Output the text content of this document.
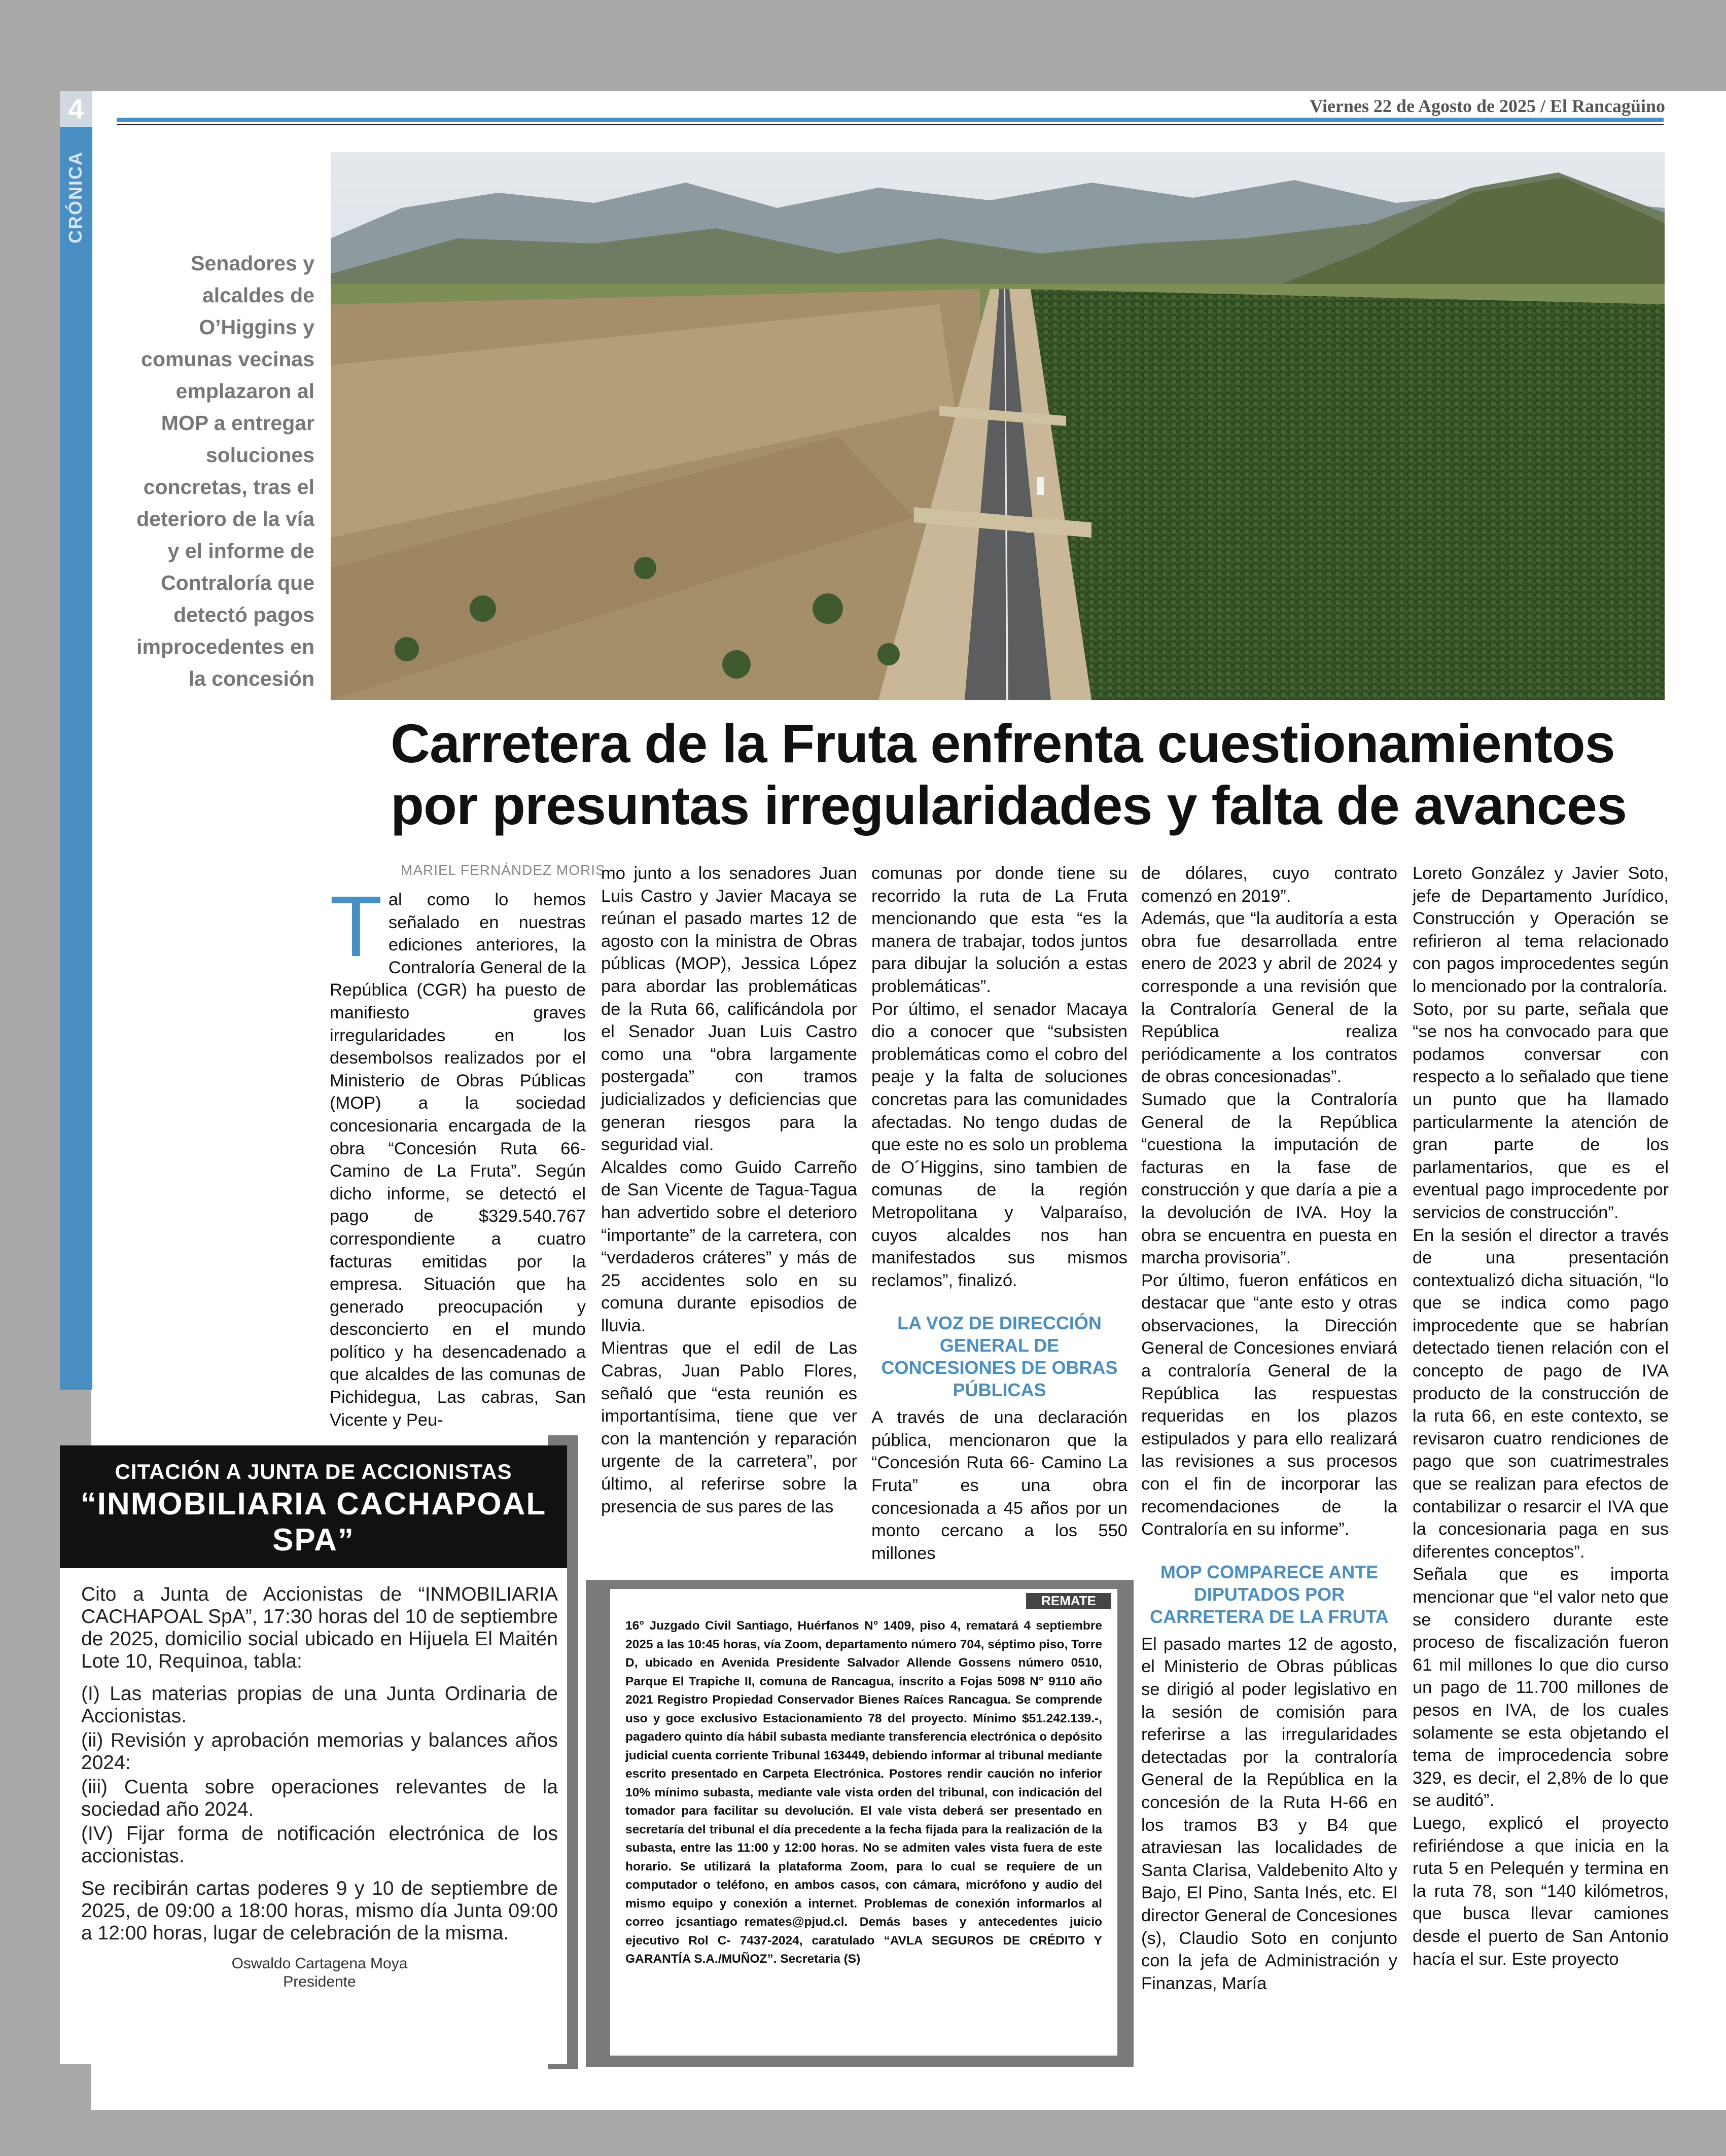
4
CRÓNICA
Viernes 22 de Agosto de 2025 / El Rancagüino
Senadores y alcaldes de O’Higgins y comunas vecinas emplazaron al MOP a entregar soluciones concretas, tras el deterioro de la vía y el informe de Contraloría que detectó pagos improcedentes en la concesión
Carretera de la Fruta enfrenta cuestionamientos por presuntas irregularidades y falta de avances
MARIEL FERNÁNDEZ MORIS
T al como lo hemos señalado en nuestras ediciones anteriores, la Contraloría General de la República (CGR) ha puesto de manifiesto graves irregularidades en los desembolsos realizados por el Ministerio de Obras Públicas (MOP) a la sociedad concesionaria encargada de la obra “Concesión Ruta 66-Camino de La Fruta”. Según dicho informe, se detectó el pago de $329.540.767 correspondiente a cuatro facturas emitidas por la empresa. Situación que ha generado preocupación y desconcierto en el mundo político y ha desencadenado a que alcaldes de las comunas de Pichidegua, Las cabras, San Vicente y Peu-

mo junto a los senadores Juan Luis Castro y Javier Macaya se reúnan el pasado martes 12 de agosto con la ministra de Obras públicas (MOP), Jessica López para abordar las problemáticas de la Ruta 66, calificándola por el Senador Juan Luis Castro como una “obra largamente postergada” con tramos judicializados y deficiencias que generan riesgos para la seguridad vial.

Alcaldes como Guido Carreño de San Vicente de Tagua-Tagua han advertido sobre el deterioro “importante” de la carretera, con “verdaderos cráteres” y más de 25 accidentes solo en su comuna durante episodios de lluvia.

Mientras que el edil de Las Cabras, Juan Pablo Flores, señaló que “esta reunión es importantísima, tiene que ver con la mantención y reparación urgente de la carretera”, por último, al referirse sobre la presencia de sus pares de las

comunas por donde tiene su recorrido la ruta de La Fruta mencionando que esta “es la manera de trabajar, todos juntos para dibujar la solución a estas problemáticas”.

Por último, el senador Macaya dio a conocer que “subsisten problemáticas como el cobro del peaje y la falta de soluciones concretas para las comunidades afectadas. No tengo dudas de que este no es solo un problema de O´Higgins, sino tambien de comunas de la región Metropolitana y Valparaíso, cuyos alcaldes nos han manifestados sus mismos reclamos”, finalizó.

LA VOZ DE DIRECCIÓN GENERAL DE CONCESIONES DE OBRAS PÚBLICAS

A través de una declaración pública, mencionaron que la “Concesión Ruta 66- Camino La Fruta” es una obra concesionada a 45 años por un monto cercano a los 550 millones

de dólares, cuyo contrato comenzó en 2019”.

Además, que “la auditoría a esta obra fue desarrollada entre enero de 2023 y abril de 2024 y corresponde a una revisión que la Contraloría General de la República realiza periódicamente a los contratos de obras concesionadas”.

Sumado que la Contraloría General de la República “cuestiona la imputación de facturas en la fase de construcción y que daría a pie a la devolución de IVA. Hoy la obra se encuentra en puesta en marcha provisoria”.

Por último, fueron enfáticos en destacar que “ante esto y otras observaciones, la Dirección General de Concesiones enviará a contraloría General de la República las respuestas requeridas en los plazos estipulados y para ello realizará las revisiones a sus procesos con el fin de incorporar las recomendaciones de la Contraloría en su informe”.

MOP COMPARECE ANTE DIPUTADOS POR CARRETERA DE LA FRUTA

El pasado martes 12 de agosto, el Ministerio de Obras públicas se dirigió al poder legislativo en la sesión de comisión para referirse a las irregularidades detectadas por la contraloría General de la República en la concesión de la Ruta H-66 en los tramos B3 y B4 que atraviesan las localidades de Santa Clarisa, Valdebenito Alto y Bajo, El Pino, Santa Inés, etc. El director General de Concesiones (s), Claudio Soto en conjunto con la jefa de Administración y Finanzas, María

Loreto González y Javier Soto, jefe de Departamento Jurídico, Construcción y Operación se refirieron al tema relacionado con pagos improcedentes según lo mencionado por la contraloría.

Soto, por su parte, señala que “se nos ha convocado para que podamos conversar con respecto a lo señalado que tiene un punto que ha llamado particularmente la atención de gran parte de los parlamentarios, que es el eventual pago improcedente por servicios de construcción”.

En la sesión el director a través de una presentación contextualizó dicha situación, “lo que se indica como pago improcedente que se habrían detectado tienen relación con el concepto de pago de IVA producto de la construcción de la ruta 66, en este contexto, se revisaron cuatro rendiciones de pago que son cuatrimestrales que se realizan para efectos de contabilizar o resarcir el IVA que la concesionaria paga en sus diferentes conceptos”.

Señala que es importa mencionar que “el valor neto que se considero durante este proceso de fiscalización fueron 61 mil millones lo que dio curso un pago de 11.700 millones de pesos en IVA, de los cuales solamente se esta objetando el tema de improcedencia sobre 329, es decir, el 2,8% de lo que se auditó”.

Luego, explicó el proyecto refiriéndose a que inicia en la ruta 5 en Pelequén y termina en la ruta 78, son “140 kilómetros, que busca llevar camiones desde el puerto de San Antonio hacía el sur. Este proyecto

CITACIÓN A JUNTA DE ACCIONISTAS
“INMOBILIARIA CACHAPOAL SPA”

Cito a Junta de Accionistas de “INMOBILIARIA CACHAPOAL SpA”, 17:30 horas del 10 de septiembre de 2025, domicilio social ubicado en Hijuela El Maitén Lote 10, Requinoa, tabla:

(I) Las materias propias de una Junta Ordinaria de Accionistas.

(ii) Revisión y aprobación memorias y balances años 2024:

(iii) Cuenta sobre operaciones relevantes de la sociedad año 2024.

(IV) Fijar forma de notificación electrónica de los accionistas.

Se recibirán cartas poderes 9 y 10 de septiembre de 2025, de 09:00 a 18:00 horas, mismo día Junta 09:00 a 12:00 horas, lugar de celebración de la misma.

Oswaldo Cartagena Moya
Presidente
REMATE
16° Juzgado Civil Santiago, Huérfanos N° 1409, piso 4, rematará 4 septiembre 2025 a las 10:45 horas, vía Zoom, departamento número 704, séptimo piso, Torre D, ubicado en Avenida Presidente Salvador Allende Gossens número 0510, Parque El Trapiche II, comuna de Rancagua, inscrito a Fojas 5098 N° 9110 año 2021 Registro Propiedad Conservador Bienes Raíces Rancagua. Se comprende uso y goce exclusivo Estacionamiento 78 del proyecto. Mínimo $51.242.139.-, pagadero quinto día hábil subasta mediante transferencia electrónica o depósito judicial cuenta corriente Tribunal 163449, debiendo informar al tribunal mediante escrito presentado en Carpeta Electrónica. Postores rendir caución no inferior 10% mínimo subasta, mediante vale vista orden del tribunal, con indicación del tomador para facilitar su devolución. El vale vista deberá ser presentado en secretaría del tribunal el día precedente a la fecha fijada para la realización de la subasta, entre las 11:00 y 12:00 horas. No se admiten vales vista fuera de este horario. Se utilizará la plataforma Zoom, para lo cual se requiere de un computador o teléfono, en ambos casos, con cámara, micrófono y audio del mismo equipo y conexión a internet. Problemas de conexión informarlos al correo jcsantiago_remates@pjud.cl. Demás bases y antecedentes juicio ejecutivo Rol C- 7437-2024, caratulado “AVLA SEGUROS DE CRÉDITO Y GARANTÍA S.A./MUÑOZ”. Secretaria (S)
